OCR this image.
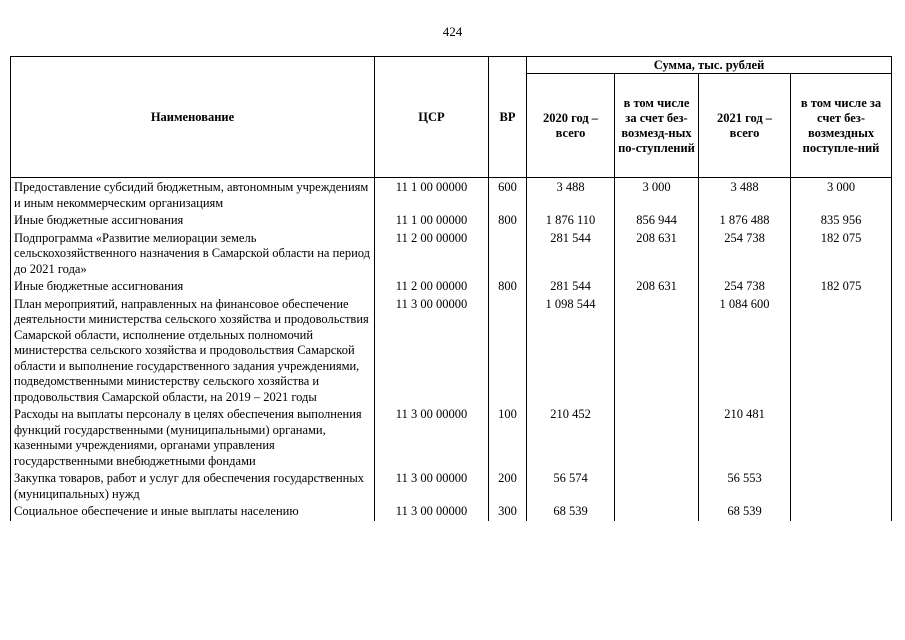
424
Наименование	ЦСР	ВР	Сумма, тыс. рублей			
			2020 год – всего	в том числе за счет без-возмезд-ных по-ступлений	2021 год – всего	в том числе за счет без-возмездных поступле-ний
Предоставление субсидий бюджетным, автономным учреждениям и иным некоммерческим организациям	11 1 00 00000	600	3 488	3 000	3 488	3 000
Иные бюджетные ассигнования	11 1 00 00000	800	1 876 110	856 944	1 876 488	835 956
Подпрограмма «Развитие мелиорации земель сельскохозяйственного назначения в Самарской области на период до 2021 года»	11 2 00 00000		281 544	208 631	254 738	182 075
Иные бюджетные ассигнования	11 2 00 00000	800	281 544	208 631	254 738	182 075
План мероприятий, направленных на финансовое обеспечение деятельности министерства сельского хозяйства и продовольствия Самарской области, исполнение отдельных полномочий министерства сельского хозяйства и продовольствия Самарской области и выполнение государственного задания учреждениями, подведомственными министерству сельского хозяйства и продовольствия Самарской области, на 2019 – 2021 годы	11 3 00 00000		1 098 544		1 084 600	
Расходы на выплаты персоналу в целях обеспечения выполнения функций государственными (муниципальными) органами, казенными учреждениями, органами управления государственными внебюджетными фондами	11 3 00 00000	100	210 452		210 481	
Закупка товаров, работ и услуг для обеспечения государственных (муниципальных) нужд	11 3 00 00000	200	56 574		56 553	
Социальное обеспечение и иные выплаты населению	11 3 00 00000	300	68 539		68 539	
